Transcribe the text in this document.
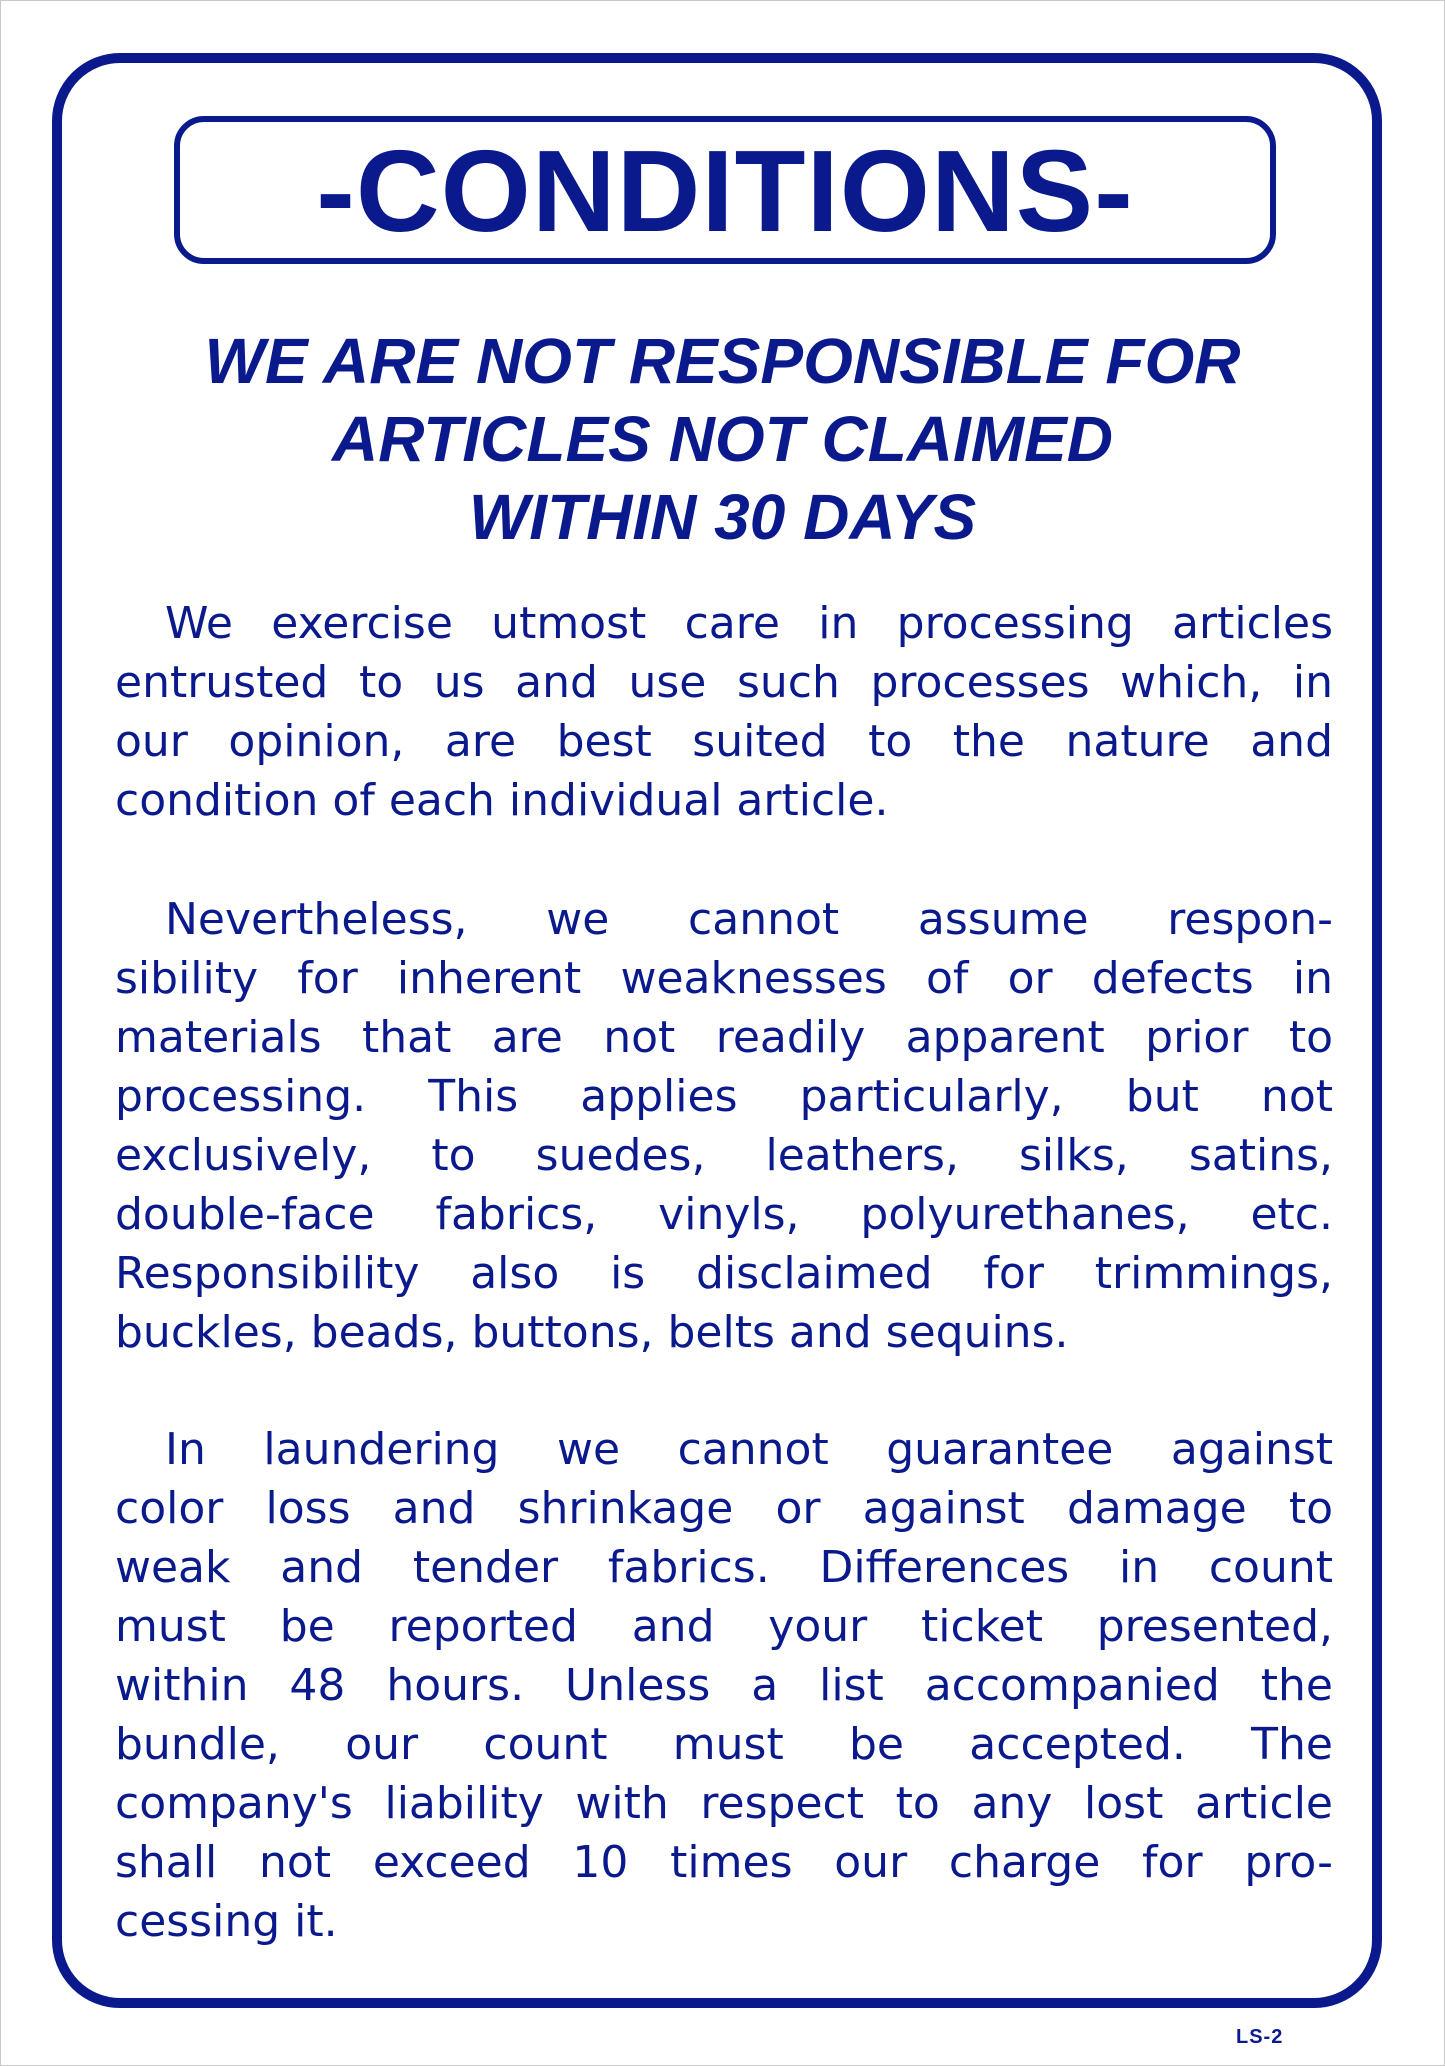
-CONDITIONS-
WE ARE NOT RESPONSIBLE FOR
ARTICLES NOT CLAIMED
WITHIN 30 DAYS
We exercise utmost care in processing articles
entrusted to us and use such processes which, in
our opinion, are best suited to the nature and
condition of each individual article.
Nevertheless, we cannot assume respon-
sibility for inherent weaknesses of or defects in
materials that are not readily apparent prior to
processing. This applies particularly, but not
exclusively, to suedes, leathers, silks, satins,
double-face fabrics, vinyls, polyurethanes, etc.
Responsibility also is disclaimed for trimmings,
buckles, beads, buttons, belts and sequins.
In laundering we cannot guarantee against
color loss and shrinkage or against damage to
weak and tender fabrics. Differences in count
must be reported and your ticket presented,
within 48 hours. Unless a list accompanied the
bundle, our count must be accepted. The
company's liability with respect to any lost article
shall not exceed 10 times our charge for pro-
cessing it.
LS-2
